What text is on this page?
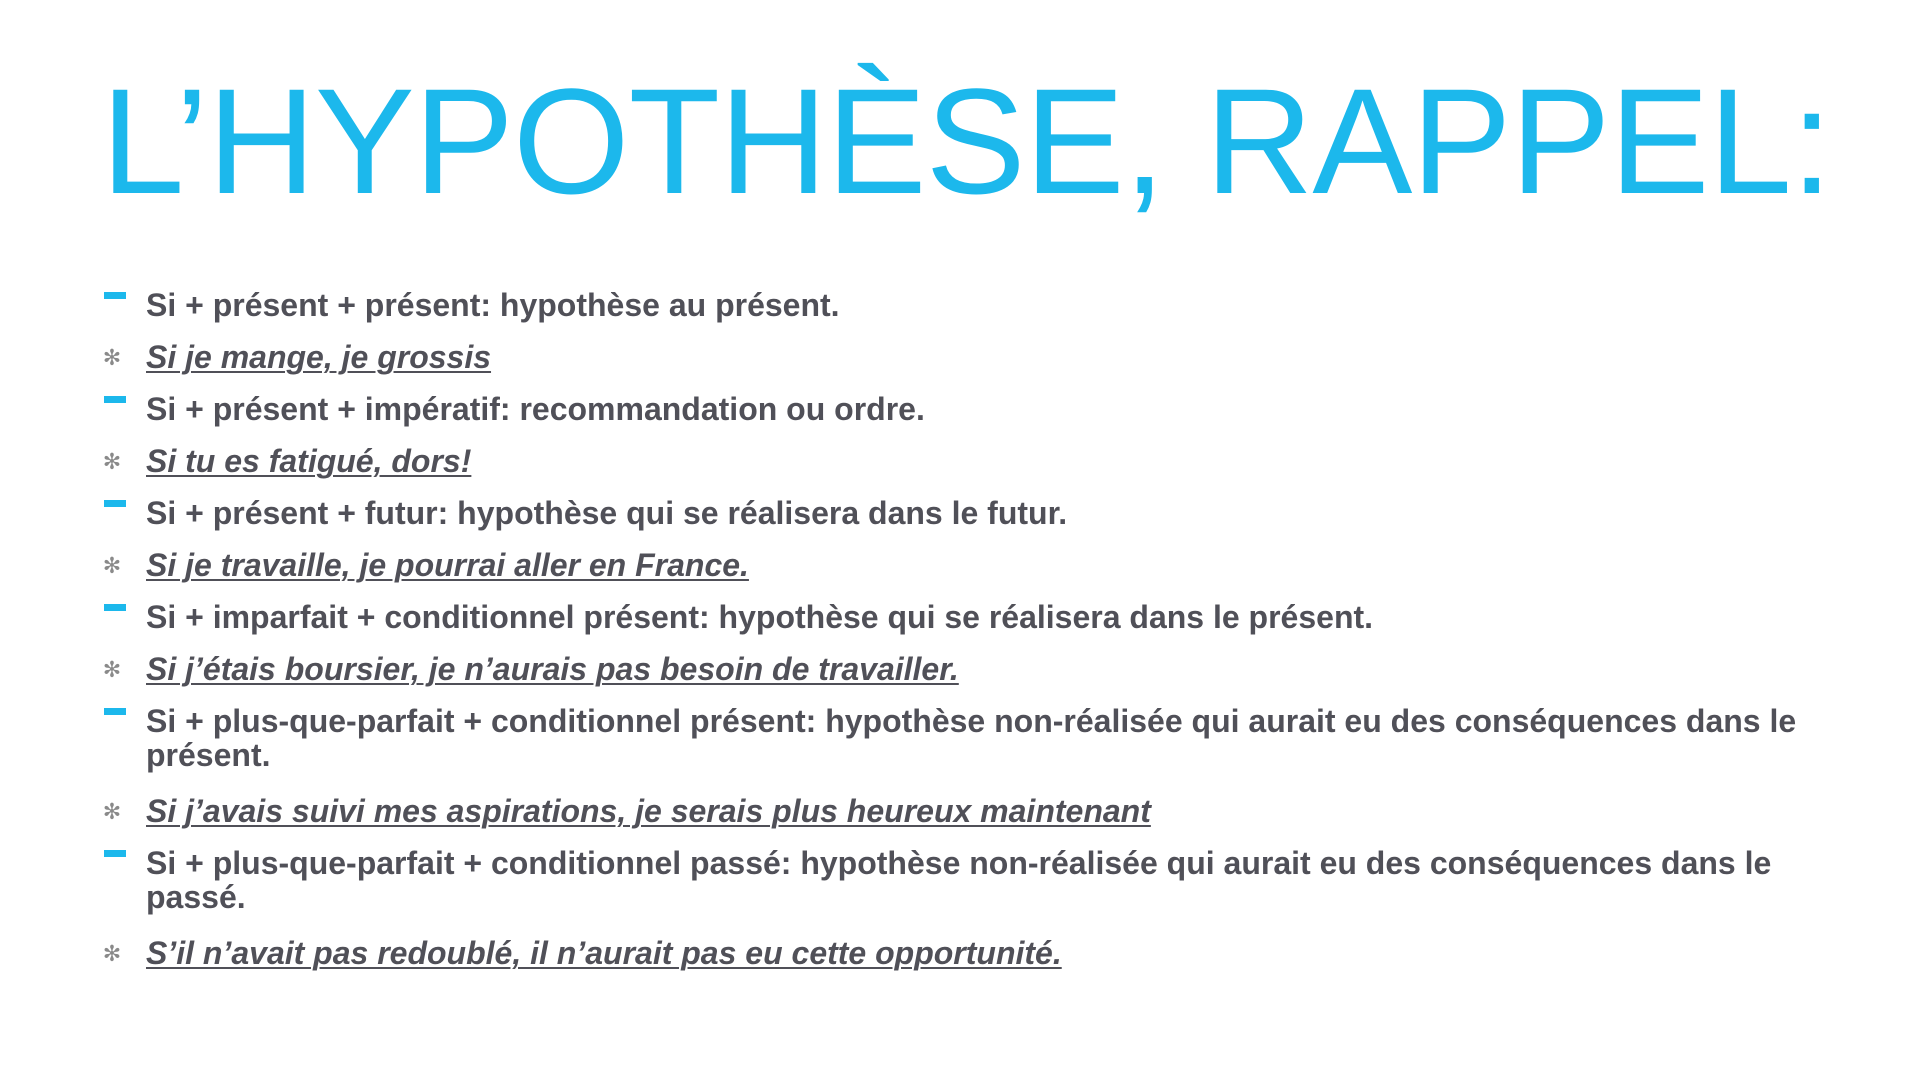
L’HYPOTHÈSE, RAPPEL:
Si + présent + présent: hypothèse au présent.
✻ Si je mange, je grossis
Si + présent + impératif: recommandation ou ordre.
✻ Si tu es fatigué, dors!
Si + présent + futur: hypothèse qui se réalisera dans le futur.
✻ Si je travaille, je pourrai aller en France.
Si + imparfait + conditionnel présent: hypothèse qui se réalisera dans le présent.
✻ Si j’étais boursier, je n’aurais pas besoin de travailler.
Si + plus-que-parfait + conditionnel présent: hypothèse non-réalisée qui aurait eu des conséquences dans le présent.
✻ Si j’avais suivi mes aspirations, je serais plus heureux maintenant
Si + plus-que-parfait + conditionnel passé: hypothèse non-réalisée qui aurait eu des conséquences dans le passé.
✻ S’il n’avait pas redoublé, il n’aurait pas eu cette opportunité.
